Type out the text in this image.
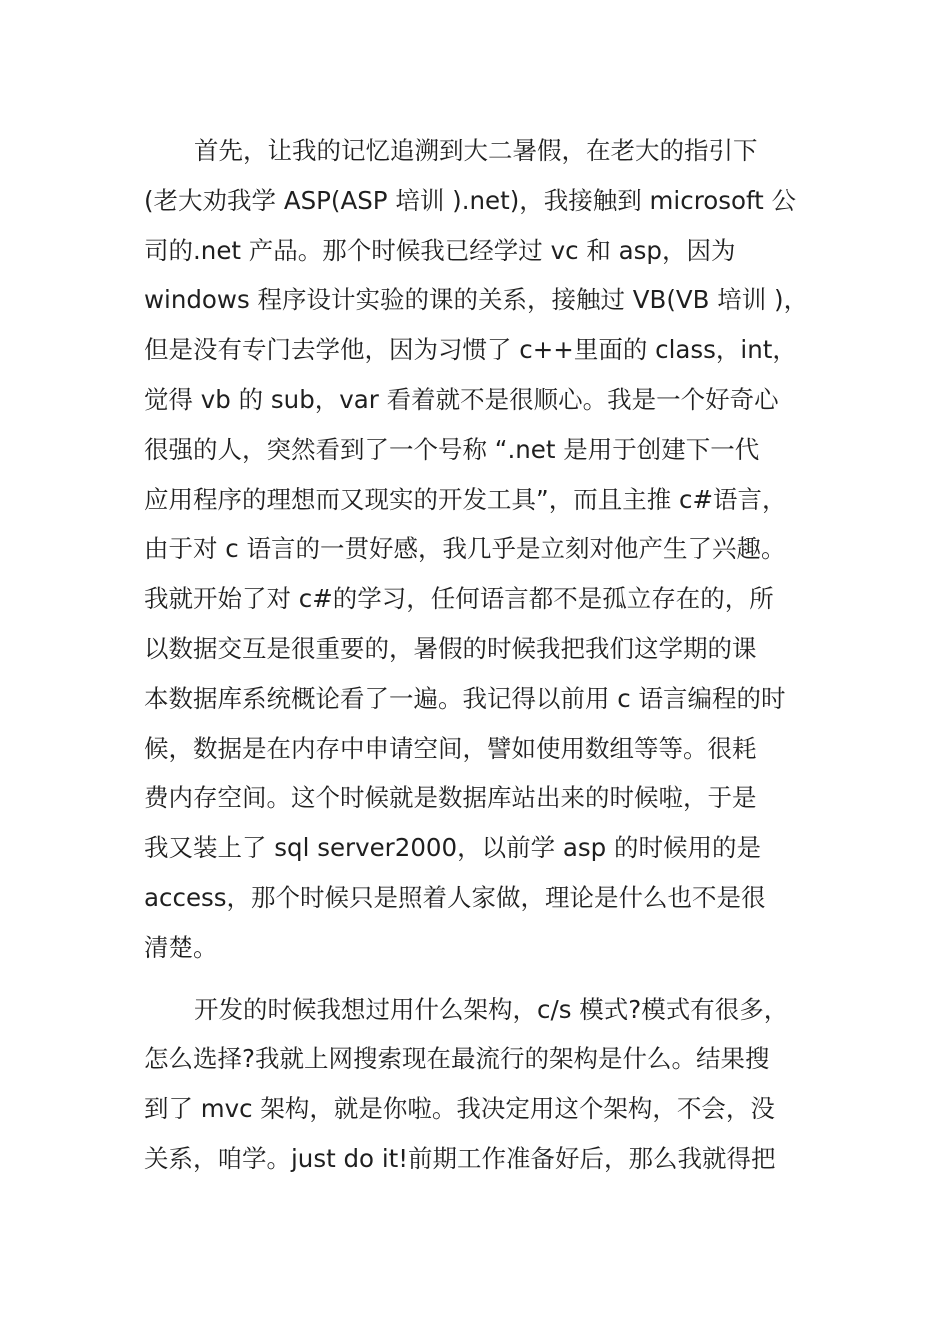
首先，让我的记忆追溯到大二暑假，在老大的指引下
(老大劝我学 ASP(ASP 培训 ).net)，我接触到 microsoft 公
司的.net 产品。那个时候我已经学过 vc 和 asp，因为
windows 程序设计实验的课的关系，接触过 VB(VB 培训 )，
但是没有专门去学他，因为习惯了 c++里面的 class，int，
觉得 vb 的 sub，var 看着就不是很顺心。我是一个好奇心
很强的人，突然看到了一个号称 “.net 是用于创建下一代
应用程序的理想而又现实的开发工具”，而且主推 c#语言，
由于对 c 语言的一贯好感，我几乎是立刻对他产生了兴趣。
我就开始了对 c#的学习，任何语言都不是孤立存在的，所
以数据交互是很重要的，暑假的时候我把我们这学期的课
本数据库系统概论看了一遍。我记得以前用 c 语言编程的时
候，数据是在内存中申请空间，譬如使用数组等等。很耗
费内存空间。这个时候就是数据库站出来的时候啦，于是
我又装上了 sql server2000，以前学 asp 的时候用的是
access，那个时候只是照着人家做，理论是什么也不是很
清楚。
开发的时候我想过用什么架构，c/s 模式?模式有很多，
怎么选择?我就上网搜索现在最流行的架构是什么。结果搜
到了 mvc 架构，就是你啦。我决定用这个架构，不会，没
关系，咱学。just do it!前期工作准备好后，那么我就得把
